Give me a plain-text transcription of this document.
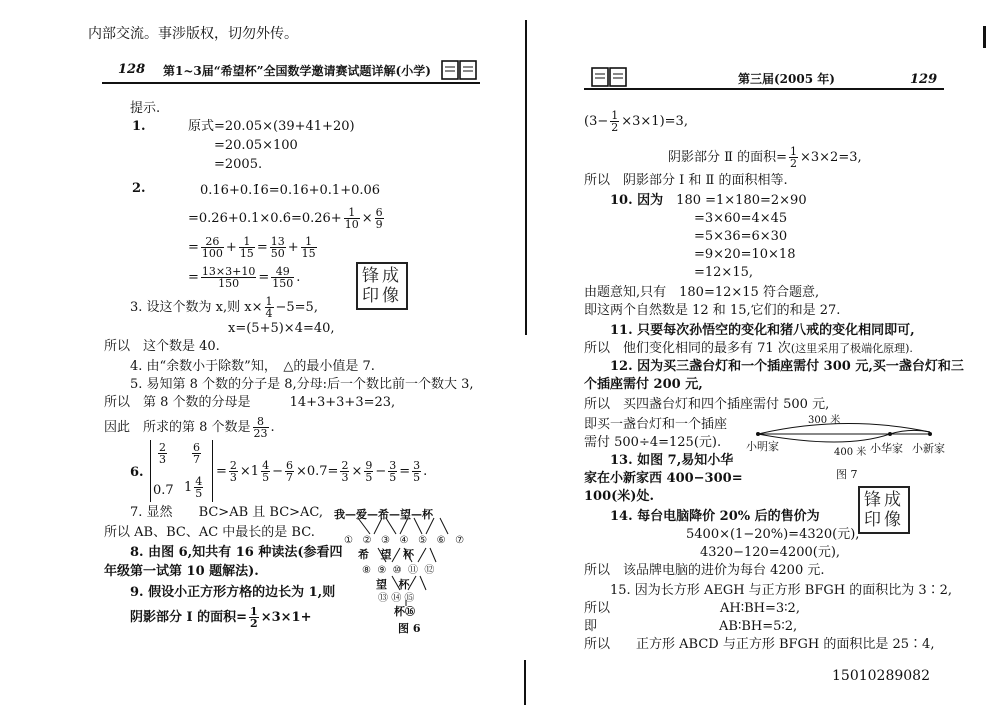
内部交流。事涉版权，切勿外传。
128 第1~3届“希望杯”全国数学邀请赛试题详解(小学)
提示.
1.	原式=20.05×(39+41+20)
=20.05×100
=2005.
2.	0.16+0.1̇6=0.16+0.1+0.06
=0.26+0.1×0.6̇=0.26+ $\frac{1}{10} \times \frac{6}{9}$
= $\frac{26}{100} + \frac{1}{15} = \frac{13}{50} + \frac{1}{15}$
= $\frac{13\times 3+10}{150} = \frac{49}{150}$ .	锋成
印像
3. 设这个数为 x,则 $x\times \frac{1}{4} -5=5$,
x=(5+5)×4=40,
所以　这个数是 40.
4. 由“余数小于除数”知，　△的最小值是 7.
5. 易知第 8 个数的分子是 8,分母:后一个数比前一个数大 3,
所以　第 8 个数的分母是　　　	14+3+3+3=23,
因此　所求的第 8 个数是 $\frac{8}{23}$ .
6.
$\frac{2}{3} \frac{6}{7}$
0.7 $1 \frac{4}{5}$
= $\frac{2}{3} \times 1 \frac{4}{5} - \frac{6}{7} \times 0.7= \frac{2}{3} \times \frac{9}{5} - \frac{3}{5} = \frac{3}{5}$ .
7. 显然　　 BC>AB 且 BC>AC,
所以 AB、BC、AC 中最长的是 BC.
8. 由图 6,知共有 16 种读法(参看四
年级第一试第 10 题解法).
9. 假设小正方形方格的边长为 1,则
阴影部分 Ⅰ 的面积= $\frac{1}{2} \times 3\times 1+$
我—爱—希—望—杯
① ② ③ ④ ⑤ ⑥ ⑦
希 望 杯
⑧ ⑨ ⑩ ⑪ ⑫
望 杯
⑬ ⑭ ⑮
杯⑯
图 6
第三届(2005 年)	129
$(3- \frac{1}{2} \times 3\times 1)=3$,
阴影部分 Ⅱ 的面积= $\frac{1}{2} \times 3\times 2=3$,
所以　阴影部分 Ⅰ 和 Ⅱ 的面积相等.
10. 因为　 180 =1×180=2×90
=3×60=4×45
=5×36=6×30
=9×20=10×18
=12×15,
由题意知,只有　180=12×15 符合题意,
即这两个自然数是 12 和 15,它们的和是 27.
锋成
印像
11. 只要每次孙悟空的变化和猪八戒的变化相同即可,
所以　他们变化相同的最多有 71 次(这里采用了极端化原理).
12. 因为买三盏台灯和一个插座需付 300 元,买一盏台灯和三
个插座需付 200 元,
所以　买四盏台灯和四个插座需付 500 元,
即买一盏台灯和一个插座
需付 500÷4=125(元).
300 米
400 米
小明家	小华家 小新家
图 7
13. 如图 7,易知小华
家在小新家西 400−300=
100(米)处.
14. 每台电脑降价 20% 后的售价为
5400×(1−20%)=4320(元),
4320−120=4200(元),
所以　该品牌电脑的进价为每台 4200 元.
15. 因为长方形 AEGH 与正方形 BFGH 的面积比为 3∶2,
所以	AH∶BH=3∶2,
即	AB∶BH=5∶2,
所以　　正方形 ABCD 与正方形 BFGH 的面积比是 25∶4,
15010289082
